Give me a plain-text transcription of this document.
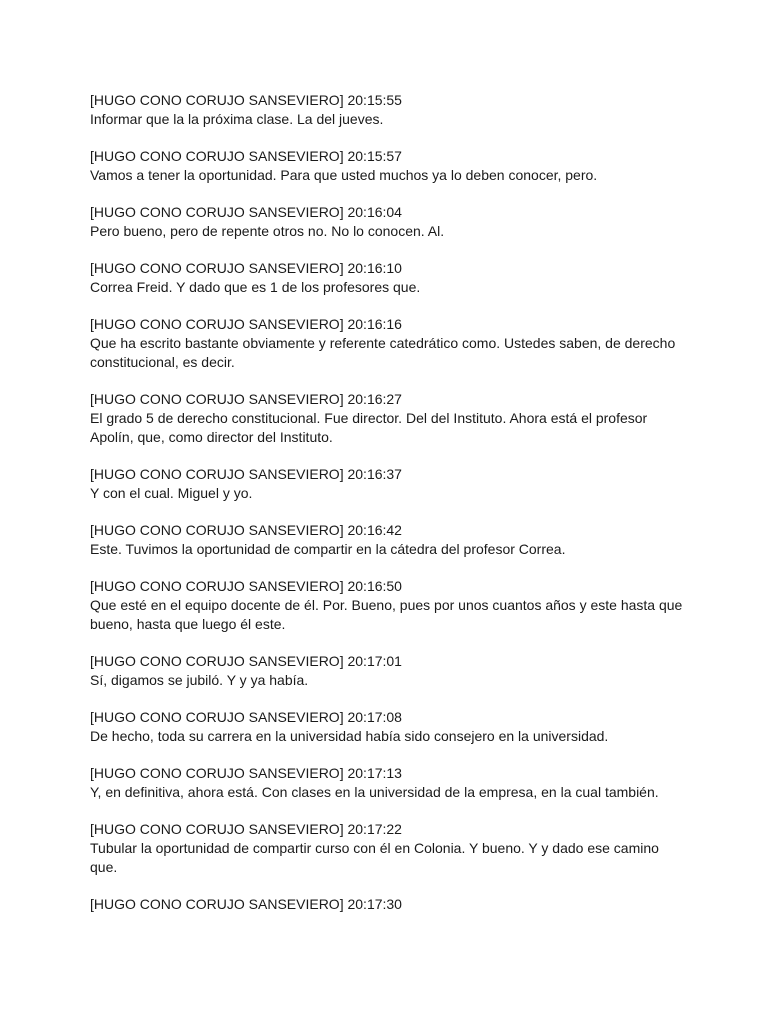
[HUGO CONO CORUJO SANSEVIERO] 20:15:55
Informar que la la próxima clase. La del jueves.
[HUGO CONO CORUJO SANSEVIERO] 20:15:57
Vamos a tener la oportunidad. Para que usted muchos ya lo deben conocer, pero.
[HUGO CONO CORUJO SANSEVIERO] 20:16:04
Pero bueno, pero de repente otros no. No lo conocen. Al.
[HUGO CONO CORUJO SANSEVIERO] 20:16:10
Correa Freid. Y dado que es 1 de los profesores que.
[HUGO CONO CORUJO SANSEVIERO] 20:16:16
Que ha escrito bastante obviamente y referente catedrático como. Ustedes saben, de derecho constitucional, es decir.
[HUGO CONO CORUJO SANSEVIERO] 20:16:27
El grado 5 de derecho constitucional. Fue director. Del del Instituto. Ahora está el profesor Apolín, que, como director del Instituto.
[HUGO CONO CORUJO SANSEVIERO] 20:16:37
Y con el cual. Miguel y yo.
[HUGO CONO CORUJO SANSEVIERO] 20:16:42
Este. Tuvimos la oportunidad de compartir en la cátedra del profesor Correa.
[HUGO CONO CORUJO SANSEVIERO] 20:16:50
Que esté en el equipo docente de él. Por. Bueno, pues por unos cuantos años y este hasta que bueno, hasta que luego él este.
[HUGO CONO CORUJO SANSEVIERO] 20:17:01
Sí, digamos se jubiló. Y y ya había.
[HUGO CONO CORUJO SANSEVIERO] 20:17:08
De hecho, toda su carrera en la universidad había sido consejero en la universidad.
[HUGO CONO CORUJO SANSEVIERO] 20:17:13
Y, en definitiva, ahora está. Con clases en la universidad de la empresa, en la cual también.
[HUGO CONO CORUJO SANSEVIERO] 20:17:22
Tubular la oportunidad de compartir curso con él en Colonia. Y bueno. Y y dado ese camino que.
[HUGO CONO CORUJO SANSEVIERO] 20:17:30
